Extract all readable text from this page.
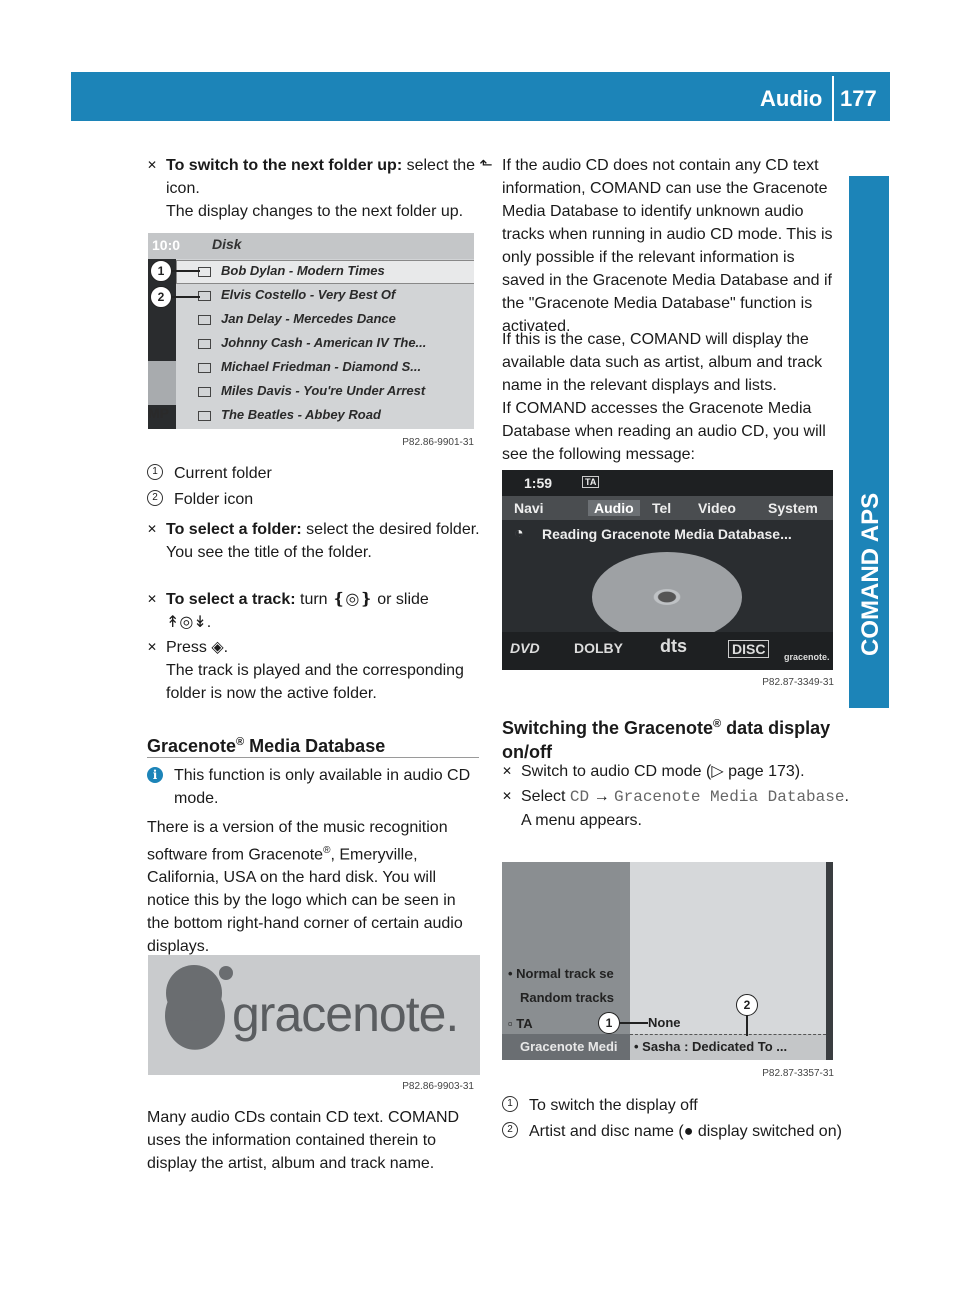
Audio 177
COMAND APS
✕ To switch to the next folder up: select the ⬑ icon.
The display changes to the next folder up.
10:0 Disk
Bob Dylan - Modern Times
Elvis Costello - Very Best Of
Jan Delay - Mercedes Dance
Johnny Cash - American IV The...
Michael Friedman - Diamond S...
Miles Davis - You're Under Arrest
The Beatles - Abbey Road
MP
1
2
P82.86-9901-31
1	Current folder
2	Folder icon
✕ To select a folder: select the desired folder.
You see the title of the folder.
✕ To select a track: turn ❴◎❵ or slide
↟◎↡.
✕ Press ◈.
The track is played and the corresponding folder is now the active folder.
Gracenote® Media Database
i	This function is only available in audio CD mode.
There is a version of the music recognition software from Gracenote®, Emeryville, California, USA on the hard disk. You will notice this by the logo which can be seen in the bottom right-hand corner of certain audio displays.
gracenote.
P82.86-9903-31
Many audio CDs contain CD text. COMAND uses the information contained therein to display the artist, album and track name.
If the audio CD does not contain any CD text information, COMAND can use the Gracenote Media Database to identify unknown audio tracks when running in audio CD mode. This is only possible if the relevant information is saved in the Gracenote Media Database and if the "Gracenote Media Database" function is activated.
If this is the case, COMAND will display the available data such as artist, album and track name in the relevant displays and lists.
If COMAND accesses the Gracenote Media Database when reading an audio CD, you will see the following message:
1:59	TA
Navi	Audio	Tel Video System
◔ Reading Gracenote Media Database...
DVD DOLBY dts	DISC	gracenote.
P82.87-3349-31
Switching the Gracenote® data display on/off
✕ Switch to audio CD mode (▷ page 173).
✕ Select CD → Gracenote Media Database.
A menu appears.
• Normal track se
Random tracks
▫ TA
Gracenote Medi • Sasha : Dedicated To ...
None
1
2
P82.87-3357-31
1	To switch the display off
2	Artist and disc name (● display switched on)
